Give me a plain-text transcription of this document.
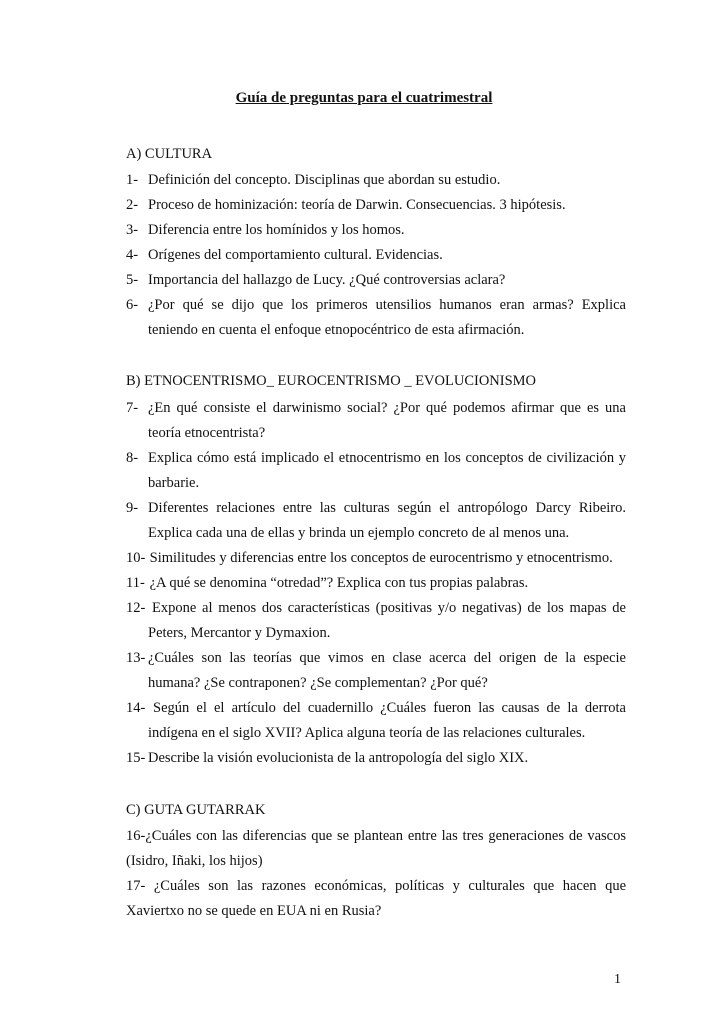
Guía de preguntas para el cuatrimestral
A) CULTURA
1- Definición del concepto. Disciplinas que abordan su estudio.
2- Proceso de hominización: teoría de Darwin. Consecuencias. 3 hipótesis.
3- Diferencia entre los homínidos y los homos.
4- Orígenes del comportamiento cultural. Evidencias.
5- Importancia del hallazgo de Lucy. ¿Qué controversias aclara?
6- ¿Por qué se dijo que los primeros utensilios humanos eran armas? Explica
teniendo en cuenta el enfoque etnopocéntrico de esta afirmación.
B) ETNOCENTRISMO_ EUROCENTRISMO _ EVOLUCIONISMO
7- ¿En qué consiste el darwinismo social? ¿Por qué podemos afirmar que es una
teoría etnocentrista?
8- Explica cómo está implicado el etnocentrismo en los conceptos de civilización y
barbarie.
9- Diferentes relaciones entre las culturas según el antropólogo Darcy Ribeiro.
Explica cada una de ellas y brinda un ejemplo concreto de al menos una.
10- Similitudes y diferencias entre los conceptos de eurocentrismo y etnocentrismo.
11- ¿A qué se denomina “otredad”? Explica con tus propias palabras.
12- Expone al menos dos características (positivas y/o negativas) de los mapas de
Peters, Mercantor y Dymaxion.
13- ¿Cuáles son las teorías que vimos en clase acerca del origen de la especie
humana? ¿Se contraponen? ¿Se complementan? ¿Por qué?
14- Según el el artículo del cuadernillo ¿Cuáles fueron las causas de la derrota
indígena en el siglo XVII? Aplica alguna teoría de las relaciones culturales.
15- Describe la visión evolucionista de la antropología del siglo XIX.
C) GUTA GUTARRAK
16-¿Cuáles con las diferencias que se plantean entre las tres generaciones de vascos
(Isidro, Iñaki, los hijos)
17- ¿Cuáles son las razones económicas, políticas y culturales que hacen que
Xaviertxo no se quede en EUA ni en Rusia?
1
